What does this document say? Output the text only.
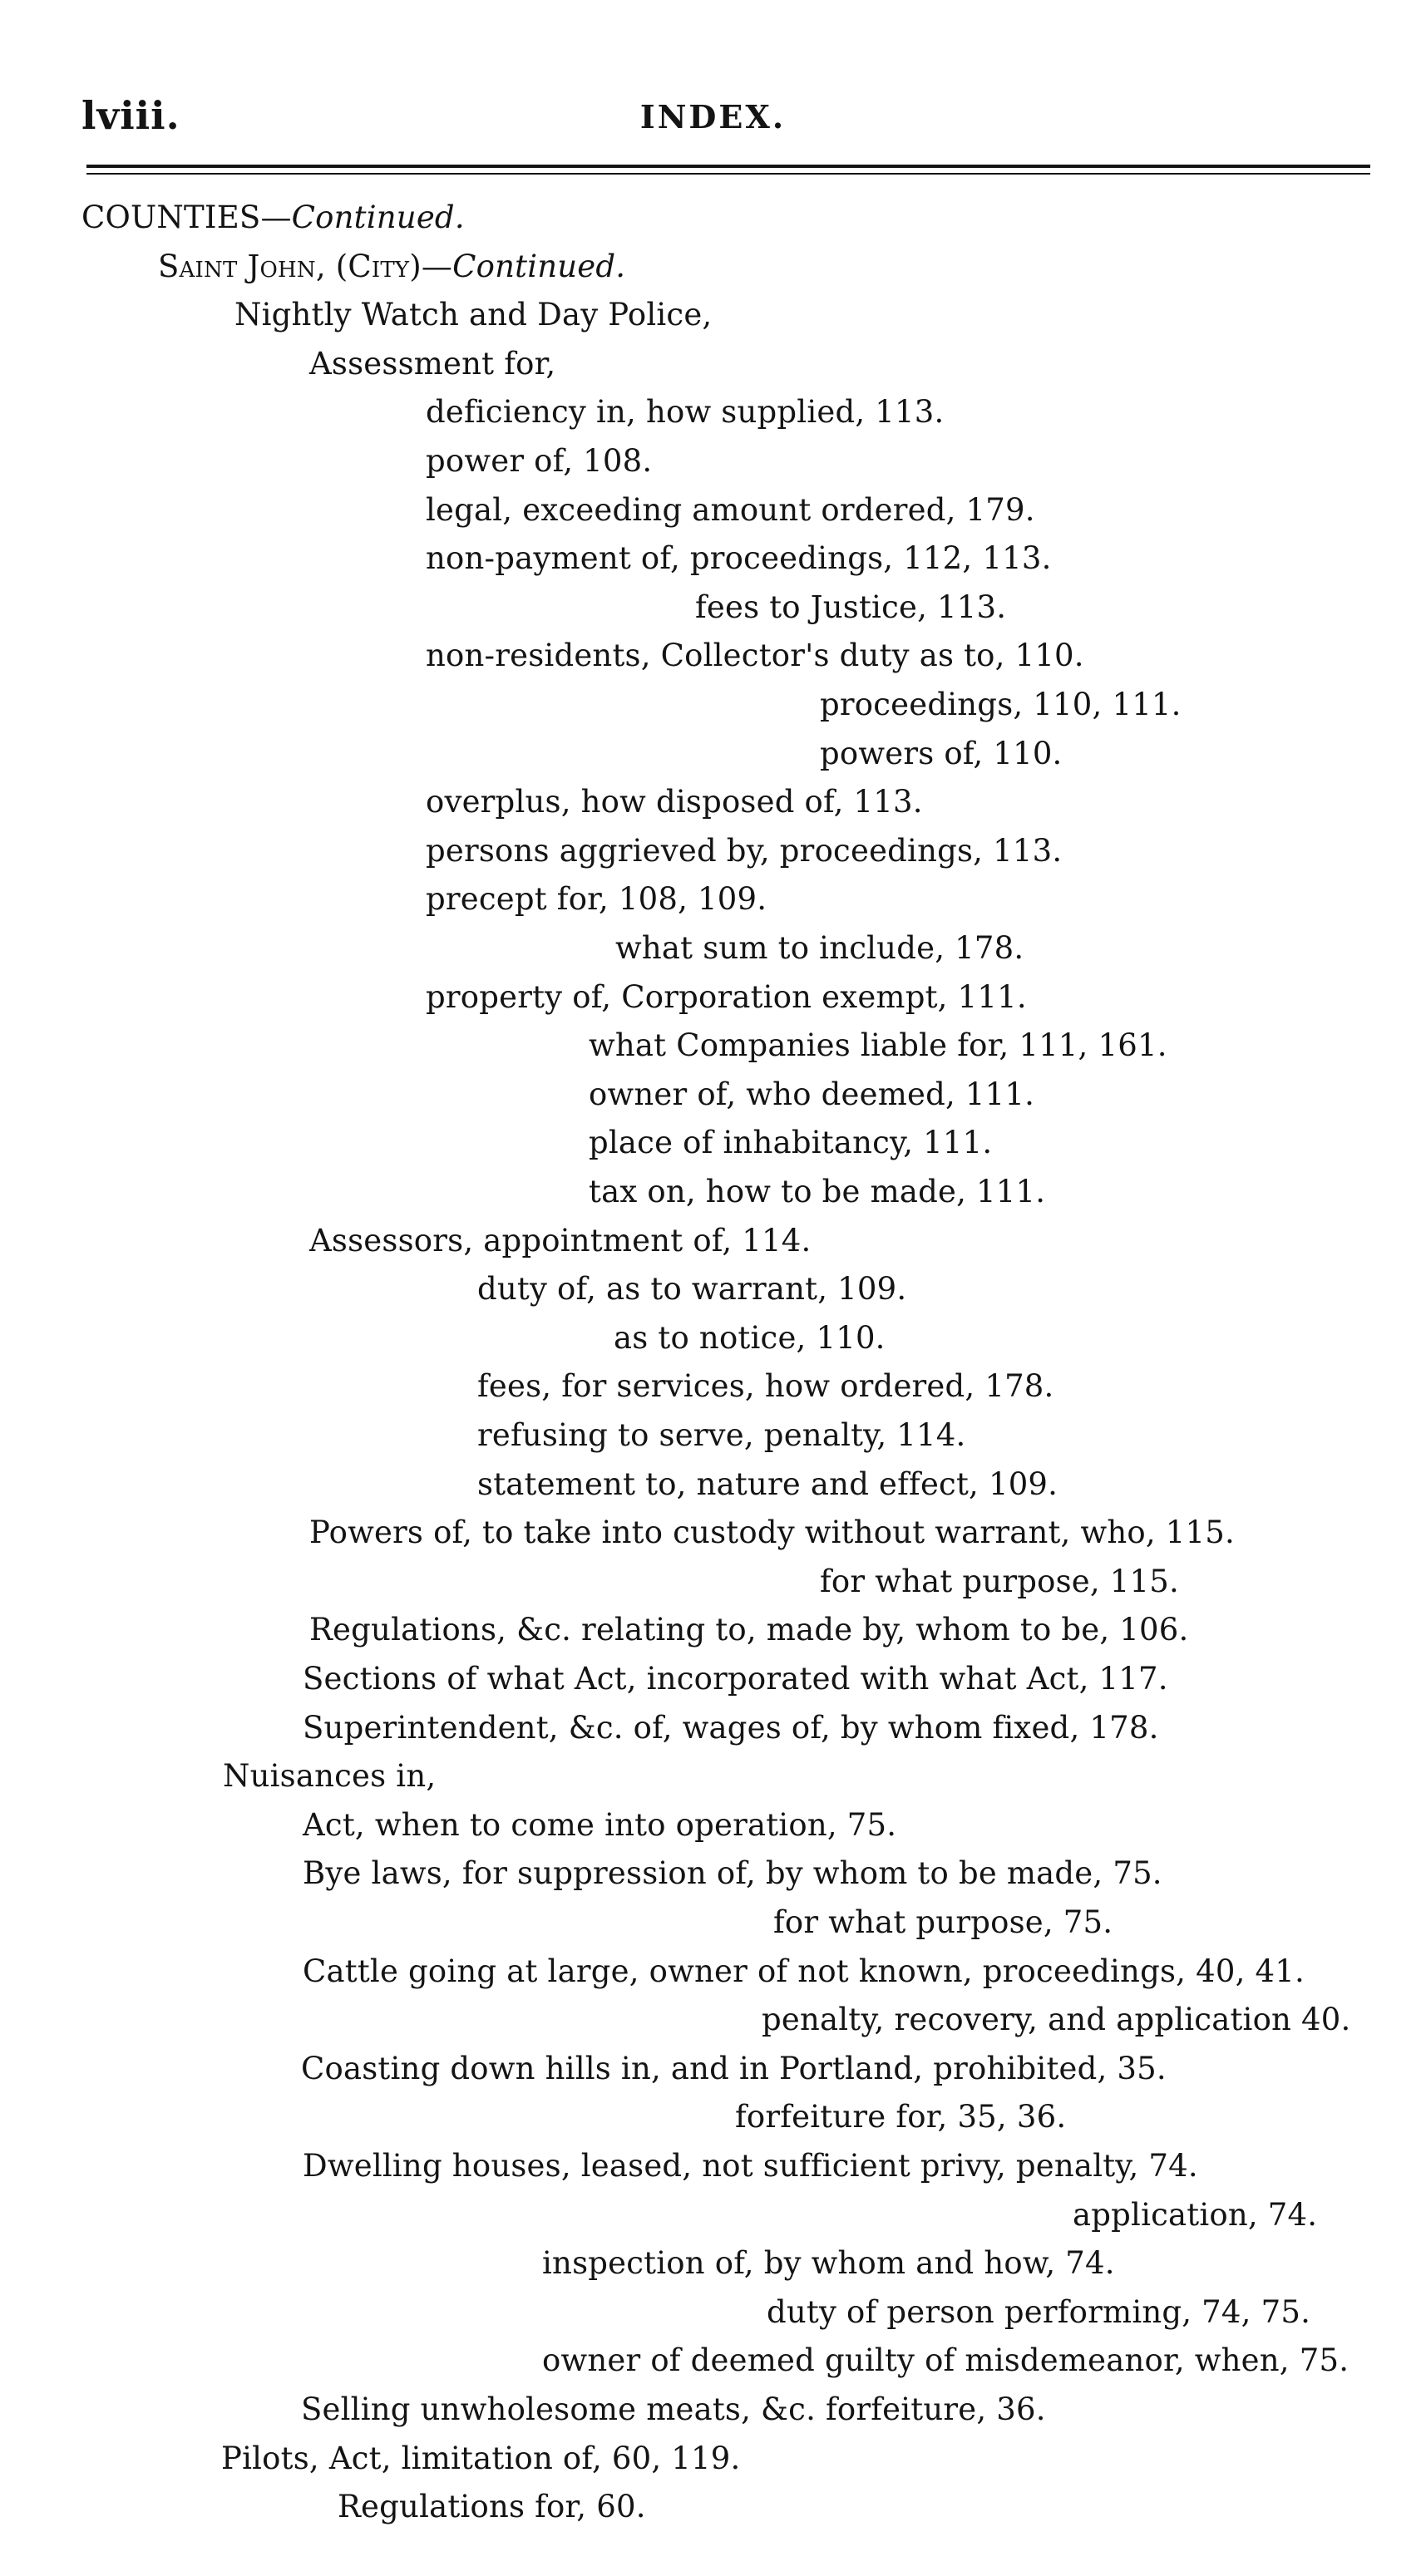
lviii.	INDEX.
COUNTIES—Continued.
Saint John, (City)—Continued.
Nightly Watch and Day Police,
Assessment for,
deficiency in, how supplied, 113.
power of, 108.
legal, exceeding amount ordered, 179.
non-payment of, proceedings, 112, 113.
fees to Justice, 113.
non-residents, Collector's duty as to, 110.
proceedings, 110, 111.
powers of, 110.
overplus, how disposed of, 113.
persons aggrieved by, proceedings, 113.
precept for, 108, 109.
what sum to include, 178.
property of, Corporation exempt, 111.
what Companies liable for, 111, 161.
owner of, who deemed, 111.
place of inhabitancy, 111.
tax on, how to be made, 111.
Assessors, appointment of, 114.
duty of, as to warrant, 109.
as to notice, 110.
fees, for services, how ordered, 178.
refusing to serve, penalty, 114.
statement to, nature and effect, 109.
Powers of, to take into custody without warrant, who, 115.
for what purpose, 115.
Regulations, &c. relating to, made by, whom to be, 106.
Sections of what Act, incorporated with what Act, 117.
Superintendent, &c. of, wages of, by whom fixed, 178.
Nuisances in,
Act, when to come into operation, 75.
Bye laws, for suppression of, by whom to be made, 75.
for what purpose, 75.
Cattle going at large, owner of not known, proceedings, 40, 41.
penalty, recovery, and application 40.
Coasting down hills in, and in Portland, prohibited, 35.
forfeiture for, 35, 36.
Dwelling houses, leased, not sufficient privy, penalty, 74.
application, 74.
inspection of, by whom and how, 74.
duty of person performing, 74, 75.
owner of deemed guilty of misdemeanor, when, 75.
Selling unwholesome meats, &c. forfeiture, 36.
Pilots, Act, limitation of, 60, 119.
Regulations for, 60.
